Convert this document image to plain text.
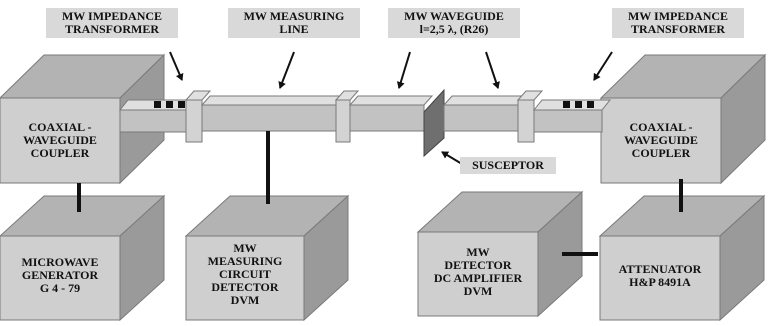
MW IMPEDANCE
TRANSFORMER
MW MEASURING
LINE
MW WAVEGUIDE
l=2,5 λ, (R26)
MW IMPEDANCE
TRANSFORMER
SUSCEPTOR
COAXIAL -
WAVEGUIDE
COUPLER
COAXIAL -
WAVEGUIDE
COUPLER
MICROWAVE
GENERATOR
G 4 - 79
MW
MEASURING
CIRCUIT
DETECTOR
DVM
MW
DETECTOR
DC AMPLIFIER
DVM
ATTENUATOR
H&P 8491A
